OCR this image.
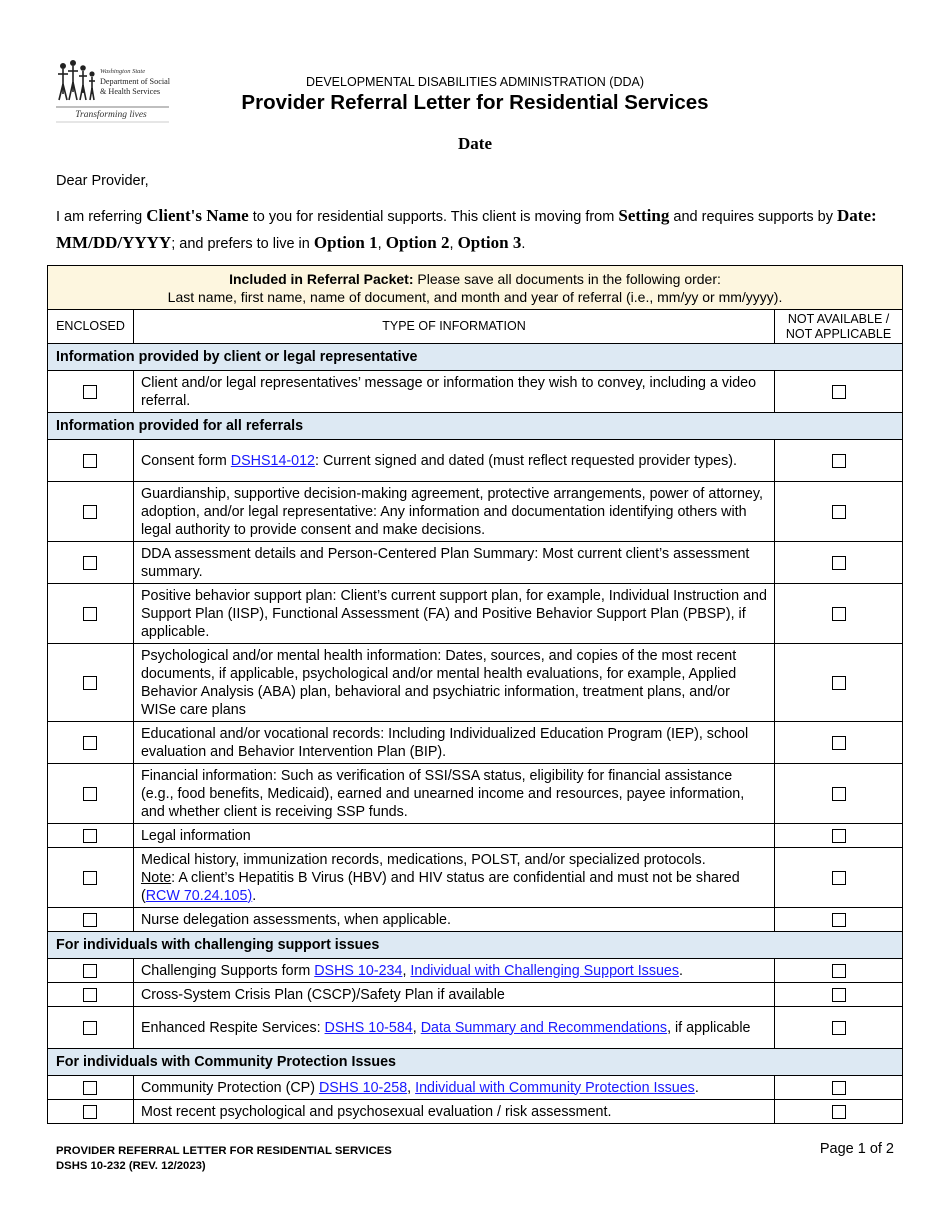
Washington State
Department of Social
& Health Services
Transforming lives
DEVELOPMENTAL DISABILITIES ADMINISTRATION (DDA)
Provider Referral Letter for Residential Services
Date
Dear Provider,
I am referring Client's Name to you for residential supports. This client is moving from Setting and requires supports by Date: MM/DD/YYYY; and prefers to live in Option 1, Option 2, Option 3.
Included in Referral Packet: Please save all documents in the following order:
Last name, first name, name of document, and month and year of referral (i.e., mm/yy or mm/yyyy).		
ENCLOSED	TYPE OF INFORMATION	NOT AVAILABLE /
NOT APPLICABLE
Information provided by client or legal representative		
	Client and/or legal representatives’ message or information they wish to convey, including a video referral.	
Information provided for all referrals		
	Consent form DSHS14-012: Current signed and dated (must reflect requested provider types).	
	Guardianship, supportive decision-making agreement, protective arrangements, power of attorney, adoption, and/or legal representative: Any information and documentation identifying others with legal authority to provide consent and make decisions.	
	DDA assessment details and Person-Centered Plan Summary: Most current client’s assessment summary.	
	Positive behavior support plan: Client’s current support plan, for example, Individual Instruction and Support Plan (IISP), Functional Assessment (FA) and Positive Behavior Support Plan (PBSP), if applicable.	
	Psychological and/or mental health information: Dates, sources, and copies of the most recent documents, if applicable, psychological and/or mental health evaluations, for example, Applied Behavior Analysis (ABA) plan, behavioral and psychiatric information, treatment plans, and/or WISe care plans	
	Educational and/or vocational records: Including Individualized Education Program (IEP), school evaluation and Behavior Intervention Plan (BIP).	
	Financial information: Such as verification of SSI/SSA status, eligibility for financial assistance (e.g., food benefits, Medicaid), earned and unearned income and resources, payee information, and whether client is receiving SSP funds.	
	Legal information	
	Medical history, immunization records, medications, POLST, and/or specialized protocols.
Note: A client’s Hepatitis B Virus (HBV) and HIV status are confidential and must not be shared (RCW 70.24.105).	
	Nurse delegation assessments, when applicable.	
For individuals with challenging support issues		
	Challenging Supports form DSHS 10-234, Individual with Challenging Support Issues.	
	Cross-System Crisis Plan (CSCP)/Safety Plan if available	
	Enhanced Respite Services: DSHS 10-584, Data Summary and Recommendations, if applicable	
For individuals with Community Protection Issues		
	Community Protection (CP) DSHS 10-258, Individual with Community Protection Issues.	
	Most recent psychological and psychosexual evaluation / risk assessment.	
PROVIDER REFERRAL LETTER FOR RESIDENTIAL SERVICES
DSHS 10-232 (REV. 12/2023)
Page 1 of 2
